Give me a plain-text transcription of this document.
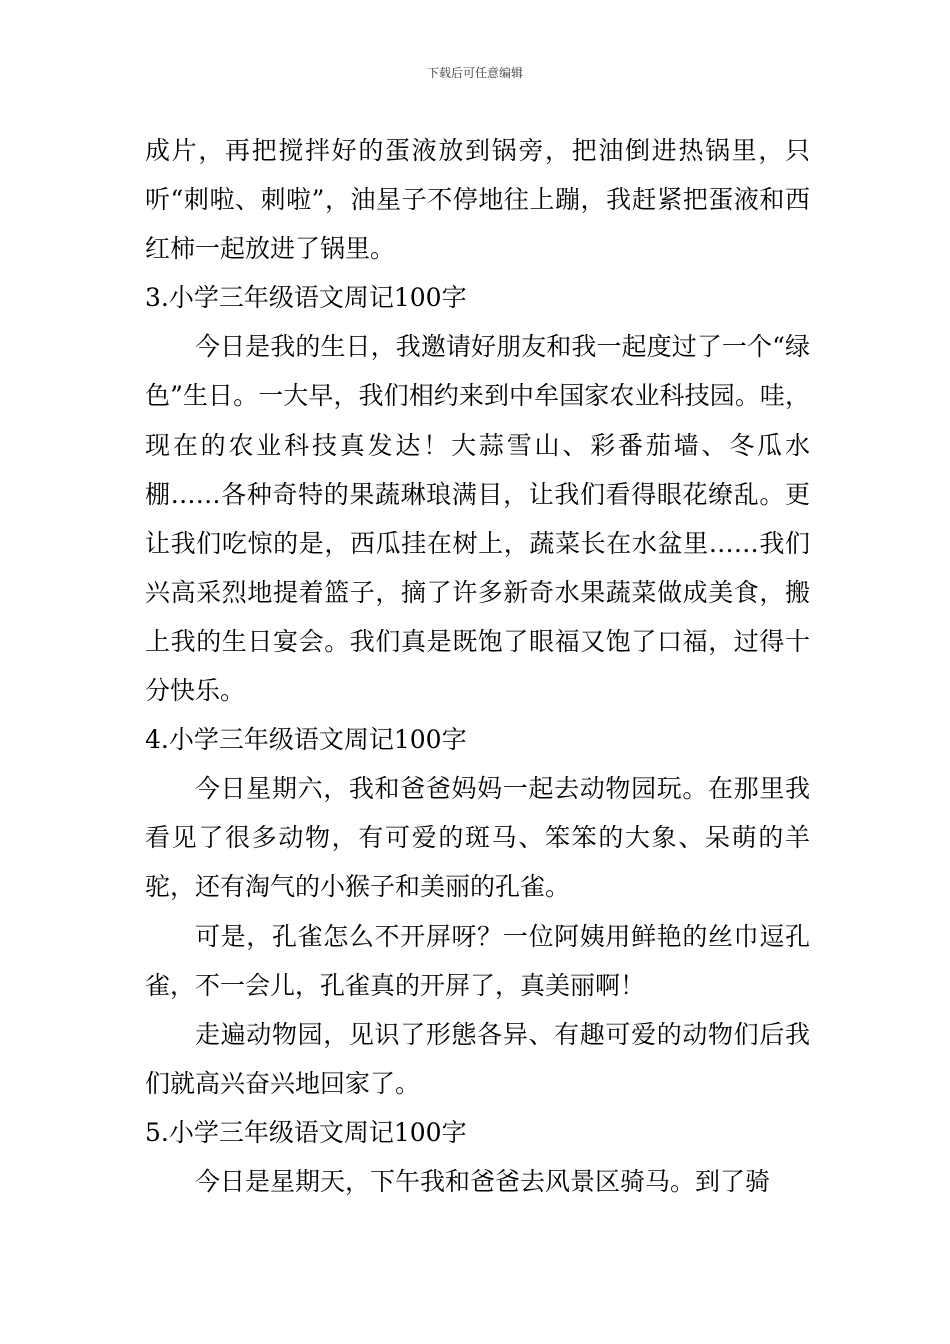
下载后可任意编辑

成片，再把搅拌好的蛋液放到锅旁，把油倒进热锅里，只听“刺啦、刺啦”，油星子不停地往上蹦，我赶紧把蛋液和西红柿一起放进了锅里。

3.小学三年级语文周记100字

今日是我的生日，我邀请好朋友和我一起度过了一个“绿色”生日。一大早，我们相约来到中牟国家农业科技园。哇，现在的农业科技真发达！大蒜雪山、彩番茄墙、冬瓜水棚……各种奇特的果蔬琳琅满目，让我们看得眼花缭乱。更让我们吃惊的是，西瓜挂在树上，蔬菜长在水盆里……我们兴高采烈地提着篮子，摘了许多新奇水果蔬菜做成美食，搬上我的生日宴会。我们真是既饱了眼福又饱了口福，过得十分快乐。

4.小学三年级语文周记100字

今日星期六，我和爸爸妈妈一起去动物园玩。在那里我看见了很多动物，有可爱的斑马、笨笨的大象、呆萌的羊驼，还有淘气的小猴子和美丽的孔雀。

可是，孔雀怎么不开屏呀？一位阿姨用鲜艳的丝巾逗孔雀，不一会儿，孔雀真的开屏了，真美丽啊！

走遍动物园，见识了形態各异、有趣可爱的动物们后我们就高兴奋兴地回家了。

5.小学三年级语文周记100字

今日是星期天，下午我和爸爸去风景区骑马。到了骑
